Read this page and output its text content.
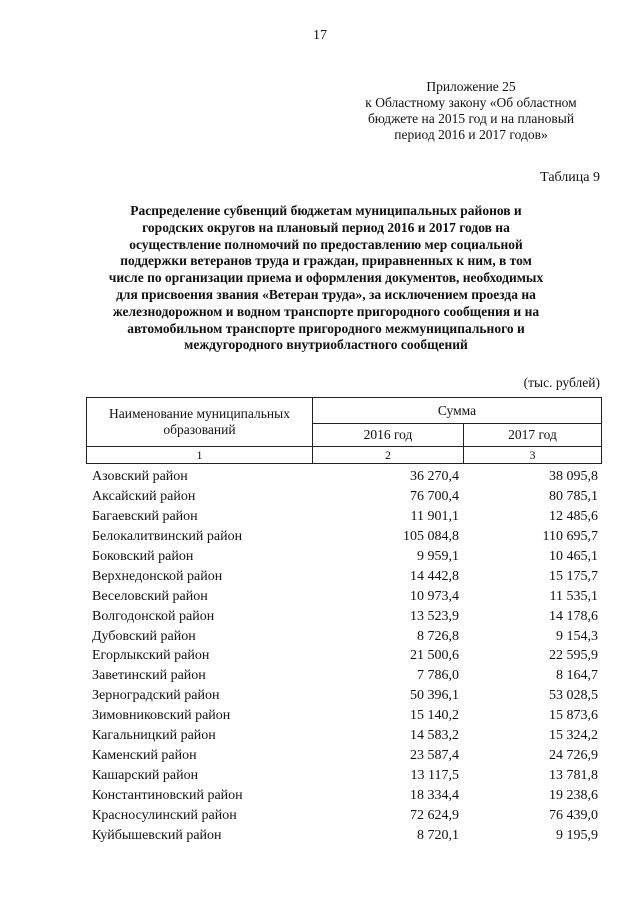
17
Приложение 25
к Областному закону «Об областном
бюджете на 2015 год и на плановый
период 2016 и 2017 годов»
Таблица 9
Распределение субвенций бюджетам муниципальных районов и
городских округов на плановый период 2016 и 2017 годов на
осуществление полномочий по предоставлению мер социальной
поддержки ветеранов труда и граждан, приравненных к ним, в том
числе по организации приема и оформления документов, необходимых
для присвоения звания «Ветеран труда», за исключением проезда на
железнодорожном и водном транспорте пригородного сообщения и на
автомобильном транспорте пригородного межмуниципального и
междугородного внутриобластного сообщений
(тыс. рублей)
Наименование муниципальных
образований	Сумма	
	2016 год	2017 год
1	2	3
Азовский район	36 270,4	38 095,8
Аксайский район	76 700,4	80 785,1
Багаевский район	11 901,1	12 485,6
Белокалитвинский район	105 084,8	110 695,7
Боковский район	9 959,1	10 465,1
Верхнедонской район	14 442,8	15 175,7
Веселовский район	10 973,4	11 535,1
Волгодонской район	13 523,9	14 178,6
Дубовский район	8 726,8	9 154,3
Егорлыкский район	21 500,6	22 595,9
Заветинский район	7 786,0	8 164,7
Зерноградский район	50 396,1	53 028,5
Зимовниковский район	15 140,2	15 873,6
Кагальницкий район	14 583,2	15 324,2
Каменский район	23 587,4	24 726,9
Кашарский район	13 117,5	13 781,8
Константиновский район	18 334,4	19 238,6
Красносулинский район	72 624,9	76 439,0
Куйбышевский район	8 720,1	9 195,9
